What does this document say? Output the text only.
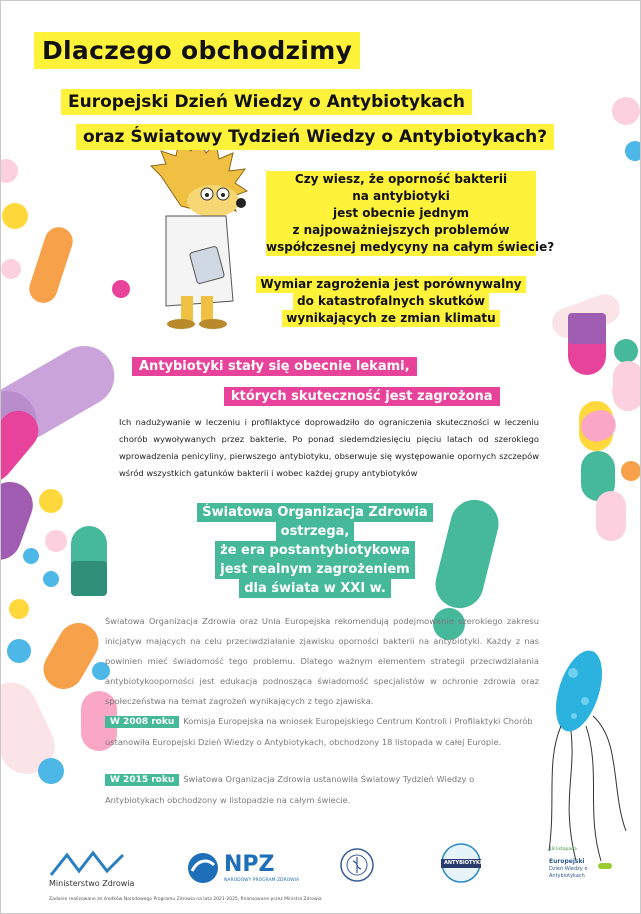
Dlaczego obchodzimy
Europejski Dzień Wiedzy o Antybiotykach
oraz Światowy Tydzień Wiedzy o Antybiotykach?
Czy wiesz, że oporność bakterii
na antybiotyki
jest obecnie jednym
z najpoważniejszych problemów
współczesnej medycyny na całym świecie?
Wymiar zagrożenia jest porównywalny
do katastrofalnych skutków
wynikających ze zmian klimatu
Antybiotyki stały się obecnie lekami,
których skuteczność jest zagrożona
Ich nadużywanie w leczeniu i profilaktyce doprowadziło do ograniczenia skuteczności w leczeniu chorób wywoływanych przez bakterie. Po ponad siedemdziesięciu pięciu latach od szerokiego wprowadzenia penicyliny, pierwszego antybiotyku, obserwuje się występowanie opornych szczepów wśród wszystkich gatunków bakterii i wobec każdej grupy antybiotyków
Światowa Organizacja Zdrowia
ostrzega,
że era postantybiotykowa
jest realnym zagrożeniem
dla świata w XXI w.
Światowa Organizacja Zdrowia oraz Unia Europejska rekomendują podejmowanie szerokiego zakresu inicjatyw mających na celu przeciwdziałanie zjawisku oporności bakterii na antybiotyki. Każdy z nas powinien mieć świadomość tego problemu. Dlatego ważnym elementem strategii przeciwdziałania antybiotykooporności jest edukacja podnosząca świadomość specjalistów w ochronie zdrowia oraz społeczeństwa na temat zagrożeń wynikających z tego zjawiska.
W 2008 roku Komisja Europejska na wniosek Europejskiego Centrum Kontroli i Profilaktyki Chorób ustanowiła Europejski Dzień Wiedzy o Antybiotykach, obchodzony 18 listopada w całej Europie.
W 2015 roku Światowa Organizacja Zdrowia ustanowiła Światowy Tydzień Wiedzy o Antybiotykach obchodzony w listopadzie na całym świecie.
Ministerstwo Zdrowia
NPZ
NARODOWY PROGRAM ZDROWIA
ANTYBIOTYKI
18 listopada
Europejski
Dzień Wiedzy o
Antybiotykach
Zadanie realizowane ze środków Narodowego Programu Zdrowia na lata 2021-2025, finansowane przez Ministra Zdrowia
